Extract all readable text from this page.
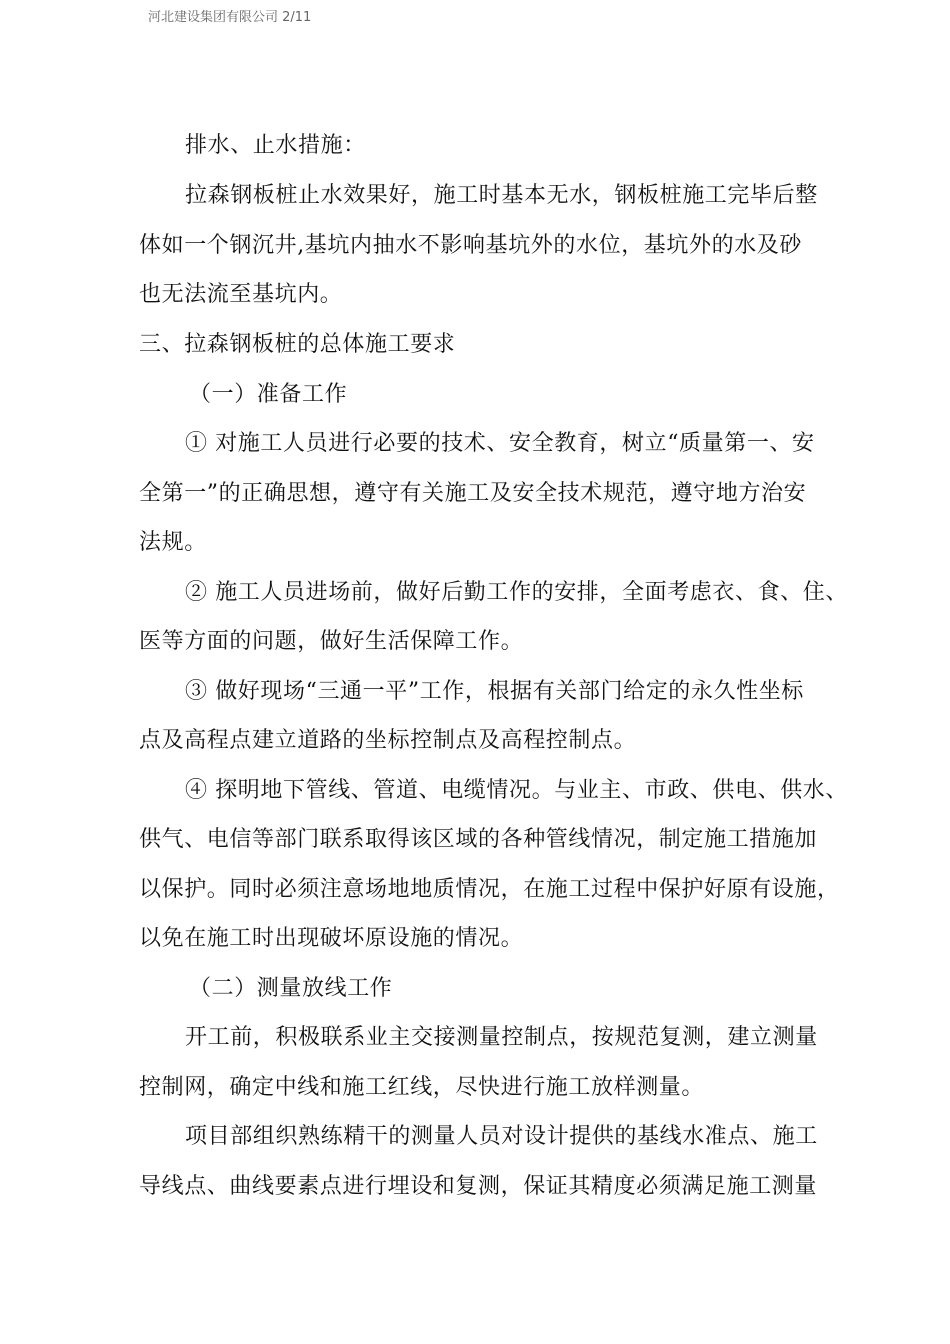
河北建设集团有限公司 2/11
排水、止水措施：
拉森钢板桩止水效果好，施工时基本无水，钢板桩施工完毕后整
体如一个钢沉井,基坑内抽水不影响基坑外的水位，基坑外的水及砂
也无法流至基坑内。
三、拉森钢板桩的总体施工要求
（一）准备工作
① 对施工人员进行必要的技术、安全教育，树立“质量第一、安
全第一”的正确思想，遵守有关施工及安全技术规范，遵守地方治安
法规。
② 施工人员进场前，做好后勤工作的安排，全面考虑衣、食、住、
医等方面的问题，做好生活保障工作。
③ 做好现场“三通一平”工作，根据有关部门给定的永久性坐标
点及高程点建立道路的坐标控制点及高程控制点。
④ 探明地下管线、管道、电缆情况。与业主、市政、供电、供水、
供气、电信等部门联系取得该区域的各种管线情况，制定施工措施加
以保护。同时必须注意场地地质情况，在施工过程中保护好原有设施，
以免在施工时出现破坏原设施的情况。
（二）测量放线工作
开工前，积极联系业主交接测量控制点，按规范复测，建立测量
控制网，确定中线和施工红线，尽快进行施工放样测量。
项目部组织熟练精干的测量人员对设计提供的基线水准点、施工
导线点、曲线要素点进行埋设和复测，保证其精度必须满足施工测量
